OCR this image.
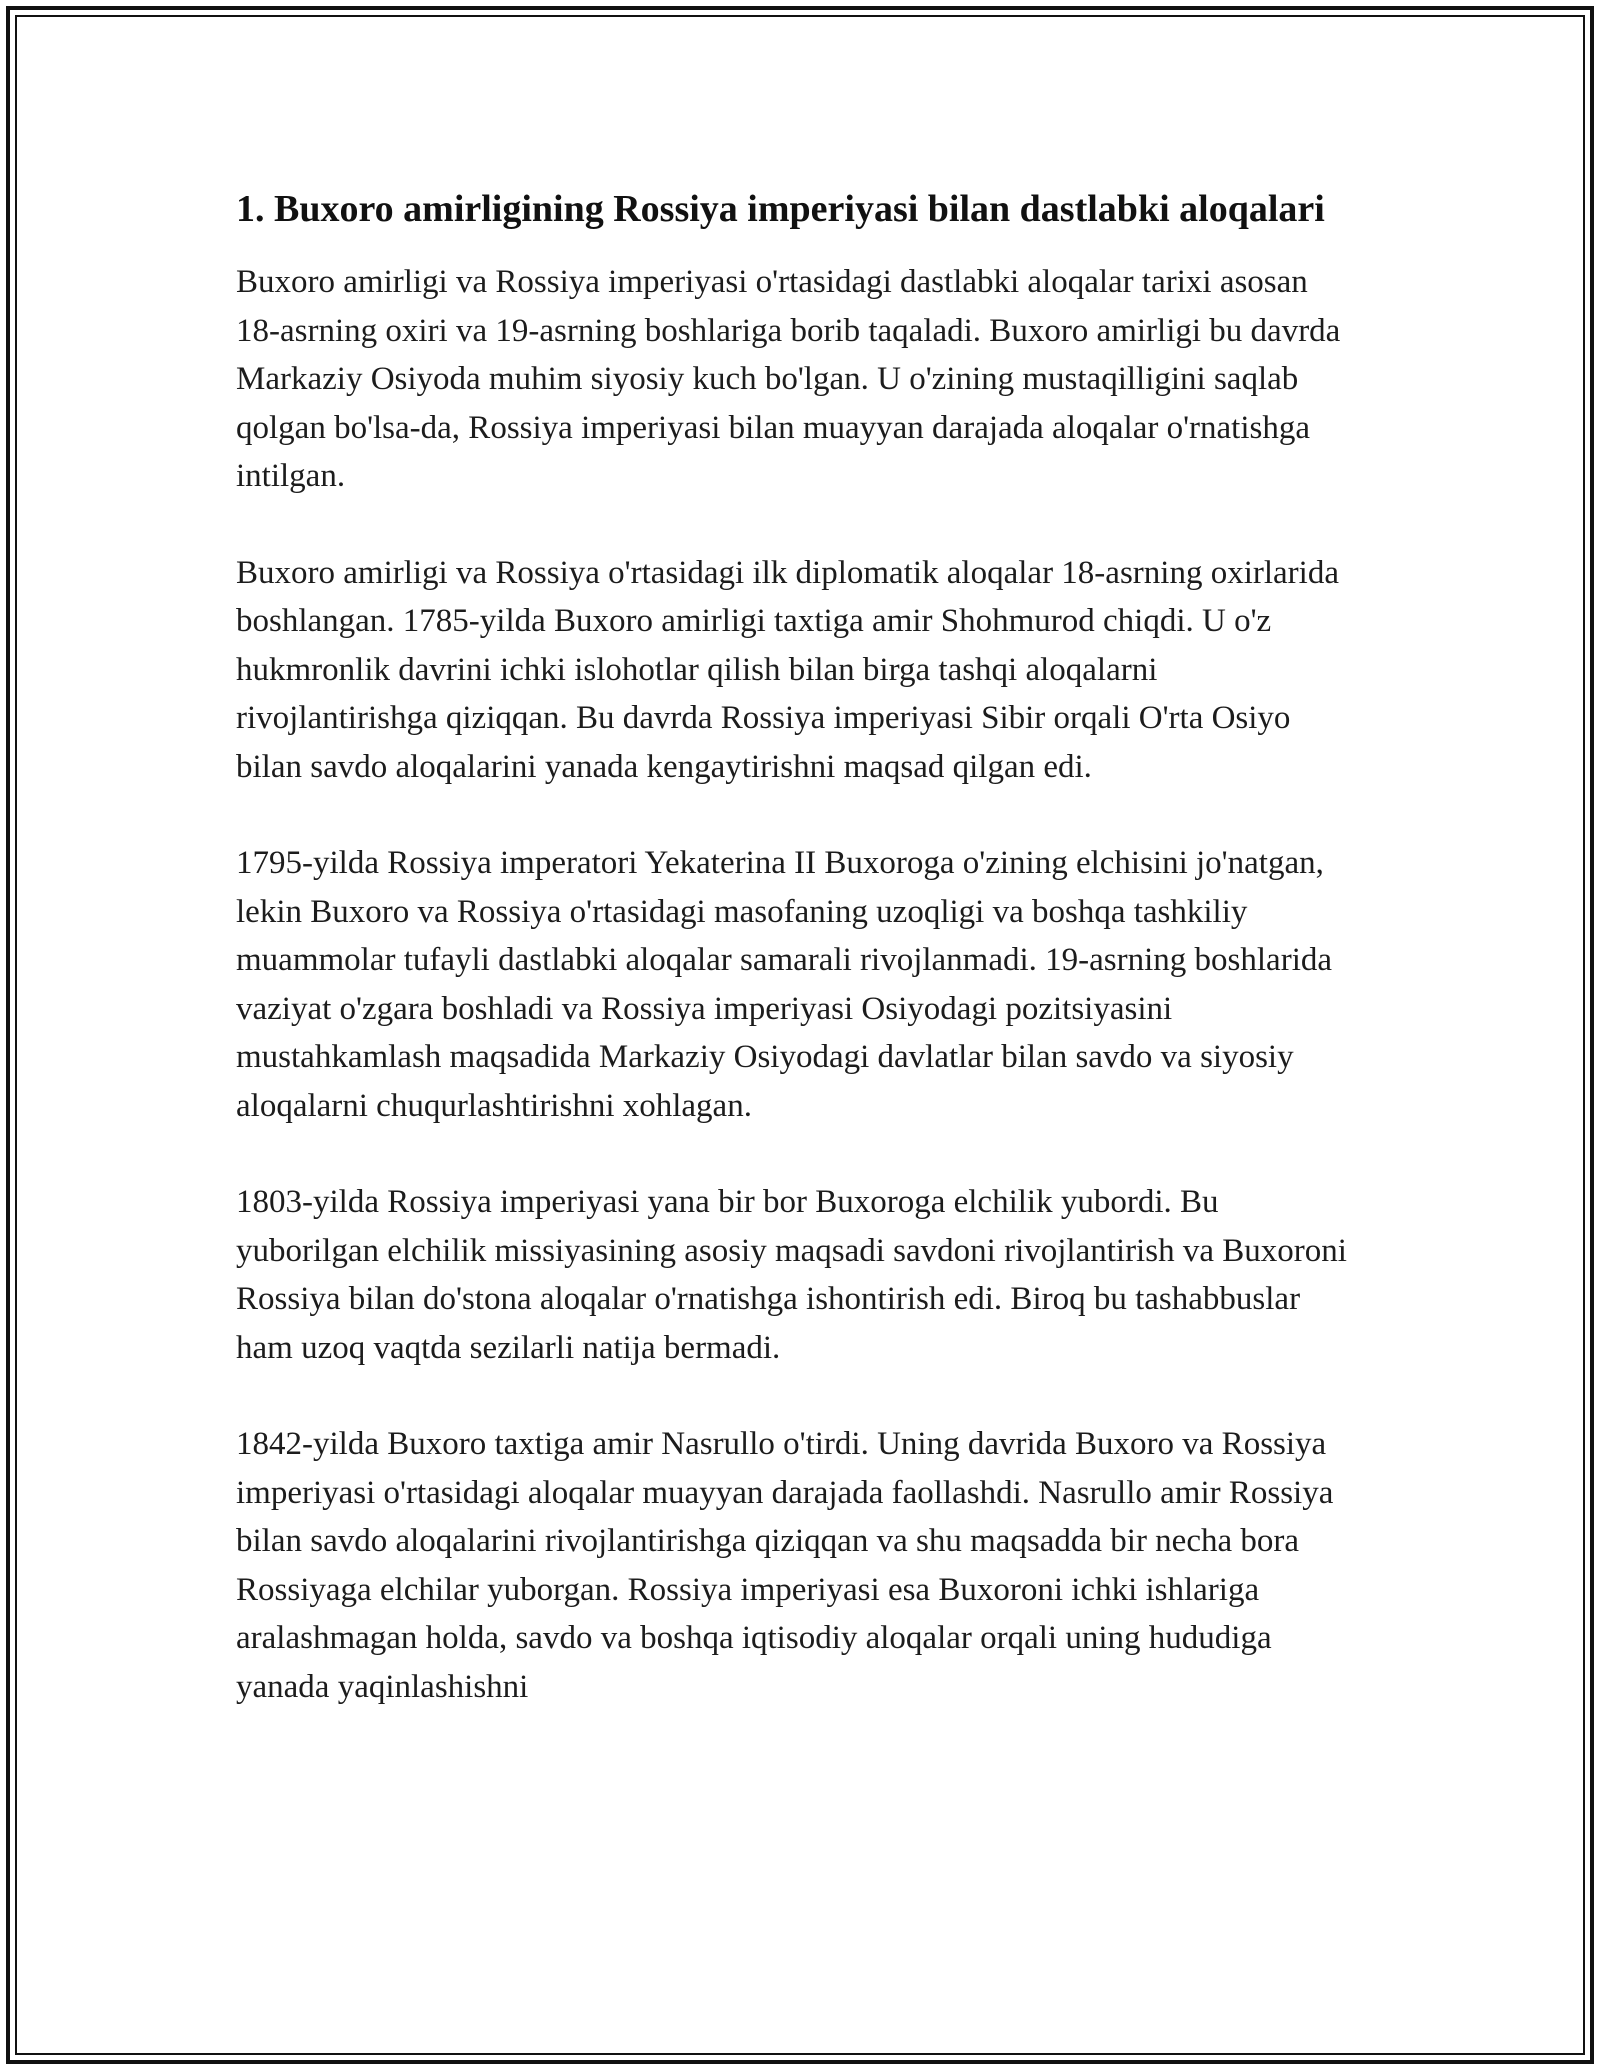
1. Buxoro amirligining Rossiya imperiyasi bilan dastlabki aloqalari

Buxoro amirligi va Rossiya imperiyasi o'rtasidagi dastlabki aloqalar tarixi asosan 18-asrning oxiri va 19-asrning boshlariga borib taqaladi. Buxoro amirligi bu davrda Markaziy Osiyoda muhim siyosiy kuch bo'lgan. U o'zining mustaqilligini saqlab qolgan bo'lsa-da, Rossiya imperiyasi bilan muayyan darajada aloqalar o'rnatishga intilgan.

Buxoro amirligi va Rossiya o'rtasidagi ilk diplomatik aloqalar 18-asrning oxirlarida boshlangan. 1785-yilda Buxoro amirligi taxtiga amir Shohmurod chiqdi. U o'z hukmronlik davrini ichki islohotlar qilish bilan birga tashqi aloqalarni rivojlantirishga qiziqqan. Bu davrda Rossiya imperiyasi Sibir orqali O'rta Osiyo bilan savdo aloqalarini yanada kengaytirishni maqsad qilgan edi.

1795-yilda Rossiya imperatori Yekaterina II Buxoroga o'zining elchisini jo'natgan, lekin Buxoro va Rossiya o'rtasidagi masofaning uzoqligi va boshqa tashkiliy muammolar tufayli dastlabki aloqalar samarali rivojlanmadi. 19-asrning boshlarida vaziyat o'zgara boshladi va Rossiya imperiyasi Osiyodagi pozitsiyasini mustahkamlash maqsadida Markaziy Osiyodagi davlatlar bilan savdo va siyosiy aloqalarni chuqurlashtirishni xohlagan.

1803-yilda Rossiya imperiyasi yana bir bor Buxoroga elchilik yubordi. Bu yuborilgan elchilik missiyasining asosiy maqsadi savdoni rivojlantirish va Buxoroni Rossiya bilan do'stona aloqalar o'rnatishga ishontirish edi. Biroq bu tashabbuslar ham uzoq vaqtda sezilarli natija bermadi.

1842-yilda Buxoro taxtiga amir Nasrullo o'tirdi. Uning davrida Buxoro va Rossiya imperiyasi o'rtasidagi aloqalar muayyan darajada faollashdi. Nasrullo amir Rossiya bilan savdo aloqalarini rivojlantirishga qiziqqan va shu maqsadda bir necha bora Rossiyaga elchilar yuborgan. Rossiya imperiyasi esa Buxoroni ichki ishlariga aralashmagan holda, savdo va boshqa iqtisodiy aloqalar orqali uning hududiga yanada yaqinlashishni
